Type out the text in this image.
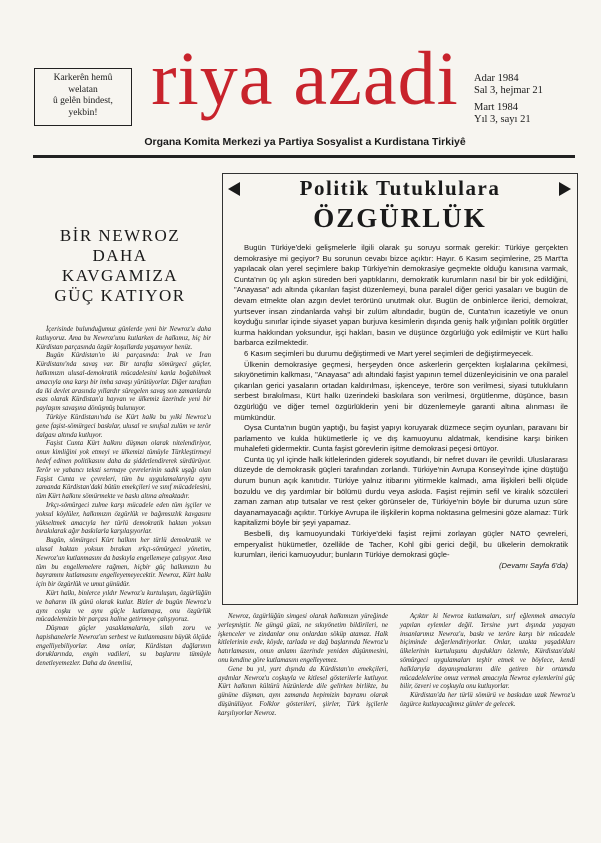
Karkerên hemû
welatan
û gelên bindest,
yekbin! riya azadi	Adar 1984
Sal 3, hejmar 21
Mart 1984
Yıl 3, sayı 21
Organa Komita Merkezi ya Partiya Sosyalist a Kurdistana Tirkiyê
BİR NEWROZ
DAHA
KAVGAMIZA
GÜÇ KATIYOR

İçerisinde bulunduğumuz günlerde yeni bir Newroz'u daha kutluyoruz. Ama bu Newroz'unu kutlarken de halkımız, hiç bir Kürdistan parçasında özgür koşullarda yaşamıyor henüz.

Bugün Kürdistan'ın iki parçasında: Irak ve İran Kürdistanı'nda savaş var. Bir tarafta sömürgeci güçler, halkımızın ulusal-demokratik mücadelesini kanla boğabilmek amacıyla ona karşı bir imha savaşı yürütüyorlar. Diğer taraftan da iki devlet arasında yıllardır süregelen savaş son zamanlarda esas olarak Kürdistan'a hayvan ve ülkemiz üzerinde yeni bir paylaşım savaşına dönüşmüş bulunuyor.

Türkiye Kürdistanı'nda ise Kürt halkı bu yılki Newroz'u gene faşist-sömürgeci baskılar, ulusal ve sınıfsal zulüm ve terör dalgası altında kutluyor.

Faşist Cunta Kürt halkını düşman olarak nitelendiriyor, onun kimliğini yok etmeyi ve ülkemizi tümüyle Türkleştirmeyi hedef edinen politikasını daha da şiddetlendirerek sürdürüyor. Terör ve yabancı teksti sermaye çevrelerinin sadık uşağı olan Faşist Cunta ve çevreleri, tüm bu uygulamalarıyla aynı zamanda Kürdistan'daki bütün emekçileri ve sınıf mücadelesini, tüm Kürt halkını sömürmekte ve baskı altına almaktadır.

Irkçı-sömürgeci zulme karşı mücadele eden tüm işçiler ve yoksul köylüler, halkımızın özgürlük ve bağımsızlık kavgasını yükseltmek amacıyla her türlü demokratik haktan yoksun bırakılarak ağır baskılarla karşılaşıyorlar.

Bugün, sömürgeci Kürt halkını her türlü demokratik ve ulusal haktan yoksun bırakan ırkçı-sömürgeci yönetim, Newroz'un kutlanmasını da baskıyla engellemeye çalışıyor. Ama tüm bu engellemelere rağmen, hiçbir güç halkımızın bu bayramını kutlamasını engelleyemeyecektir. Newroz, Kürt halkı için bir özgürlük ve umut günüdür.

Kürt halkı, binlerce yıldır Newroz'u kurtuluşun, özgürlüğün ve baharın ilk günü olarak kutlar. Bizler de bugün Newroz'u aynı coşku ve aynı güçle kutlamaya, onu özgürlük mücadelemizin bir parçası haline getirmeye çalışıyoruz.

Düşman güçler yasaklamalarla, silah zoru ve hapishanelerle Newroz'un serbest ve kutlanmasını büyük ölçüde engelliyebiliyorlar. Ama onlar, Kürdistan dağlarının doruklarında, engin vadileri, su başlarını tümüyle denetleyemezler. Daha da önemlisi,

Politik Tutuklulara
ÖZGÜRLÜK

Bugün Türkiye'deki gelişmelerle ilgili olarak şu soruyu sormak gerekir: Türkiye gerçekten demokrasiye mi geçiyor? Bu sorunun cevabı bizce açıktır: Hayır. 6 Kasım seçimlerine, 25 Mart'ta yapılacak olan yerel seçimlere bakıp Türkiye'nin demokrasiye geçmekte olduğu kanısına varmak, Cunta'nın üç yılı aşkın süreden beri yaptıklarını, demokratik kurumların nasıl bir bir yok edildiğini, "Anayasa" adı altında çıkarılan faşist düzenlemeyi, buna paralel diğer gerici yasaları ve bugün de devam etmekte olan azgın devlet terörünü unutmak olur. Bugün de onbinlerce ilerici, demokrat, yurtsever insan zindanlarda vahşi bir zulüm altındadır, bugün de, Cunta'nın icazetiyle ve onun koyduğu sınırlar içinde siyaset yapan burjuva kesimlerin dışında geniş halk yığınları politik örgütler kurma hakkından yoksundur, işçi hakları, basın ve düşünce özgürlüğü yok edilmiştir ve Kürt halkı barbarca ezilmektedir.

6 Kasım seçimleri bu durumu değiştirmedi ve Mart yerel seçimleri de değiştirmeyecek.

Ülkenin demokrasiye geçmesi, herşeyden önce askerlerin gerçekten kışlalarına çekilmesi, sıkıyönetimin kalkması, "Anayasa" adı altındaki faşist yapının temel düzenleyicisinin ve ona paralel çıkarılan gerici yasaların ortadan kaldırılması, işkenceye, teröre son verilmesi, siyasi tutukluların serbest bırakılması, Kürt halkı üzerindeki baskılara son verilmesi, örgütlenme, düşünce, basın özgürlüğü ve diğer temel özgürlüklerin yeni bir düzenlemeyle garanti altına alınması ile mümkündür.

Oysa Cunta'nın bugün yaptığı, bu faşist yapıyı koruyarak düzmece seçim oyunları, paravanı bir parlamento ve kukla hükümetlerle iç ve dış kamuoyunu aldatmak, kendisine karşı biriken muhalefeti gidermektir. Cunta faşist görevlerin işitme demokrasi peçesi örtüyor.

Cunta üç yıl içinde halk kitlelerinden giderek soyutlandı, bir nefret duvarı ile çevrildi. Uluslararası düzeyde de demokrasik güçleri tarafından zorlandı. Türkiye'nin Avrupa Konseyi'nde içine düştüğü durum bunun açık kanıtıdır. Türkiye yalnız itibarını yitirmekle kalmadı, ama ilişkileri belli ölçüde bozuldu ve dış yardımlar bir bölümü durdu veya askıda. Faşist rejimin sefil ve kiralık sözcüleri zaman zaman atıp tutsalar ve rest çeker görünseler de, Türkiye'nin böyle bir duruma uzun süre dayanamayacağı açıktır. Türkiye Avrupa ile ilişkilerin kopma noktasına gelmesini göze alamaz: Türk kapitalizmi böyle bir şeyi yapamaz.

Besbelli, dış kamuoyundaki Türkiye'deki faşist rejimi zorlayan güçler NATO çevreleri, emperyalist hükümetler, özellikle de Tacher, Kohl gibi gerici değil, bu ülkelerin demokratik kurumları, ilerici kamuoyudur; bunların Türkiye demokrasi güçle-

(Devamı Sayfa 6'da)

Newroz, özgürlüğün simgesi olarak halkımızın yüreğinde yerleşmiştir. Ne güngü güzü, ne sıkıyönetim bildirileri, ne işkenceler ve zindanlar onu onlardan söküp atamaz. Halk kitlelerinin evde, köyde, tarlada ve dağ başlarında Newroz'u hatırlamasını, onun anlamı üzerinde yeniden düşünmesini, onu kendine göre kutlamasını engelleyemez.

Gene bu yıl, yurt dışında da Kürdistan'ın emekçileri, aydınlar Newroz'u coşkuyla ve kitlesel gösterilerle kutluyor. Kürt halkının kültürü hüzünlerde dile gelirken birlikte, bu gününe düşman, aynı zamanda hepimizin bayramı olarak düşünülüyor. Folklor gösterileri, şiirler, Türk işçilerle karşılıyorlar Newroz.

Açıktır ki Newroz kutlamaları, sırf eğlenmek amacıyla yapılan eylemler değil. Tersine yurt dışında yaşayan insanlarımız Newroz'u, baskı ve teröre karşı bir mücadele biçiminde değerlendiriyorlar. Onlar, uzakta yaşadıkları ülkelerinin kurtuluşunu duydukları özlemle, Kürdistan'daki sömürgeci uygulamaları teşhir etmek ve böylece, kendi halklarıyla dayanışmalarını dile getiren bir ortamda mücadelelerine omuz vermek amacıyla Newroz eylemlerini güç bilir, özveri ve coşkuyla onu kutluyorlar.

Kürdistan'da her türlü sömürü ve baskıdan uzak Newroz'u özgürce kutlayacağımız günler de gelecek.
